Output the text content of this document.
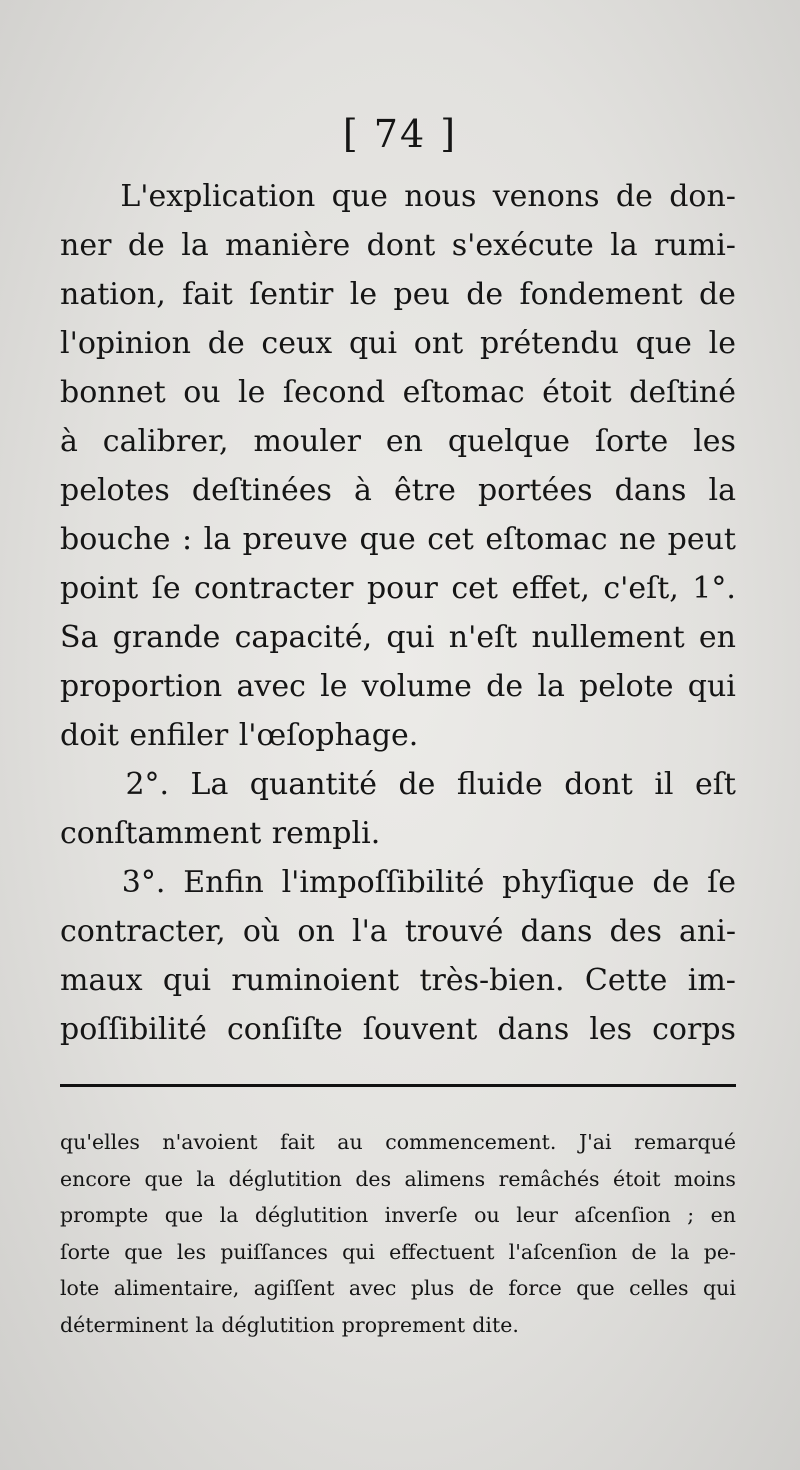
[ 74 ]
L'explication que nous venons de don-
ner de la manière dont s'exécute la rumi-
nation, fait ſentir le peu de fondement de
l'opinion de ceux qui ont prétendu que le
bonnet ou le ſecond eſtomac étoit deſtiné
à calibrer, mouler en quelque ſorte les
pelotes deſtinées à être portées dans la
bouche : la preuve que cet eſtomac ne peut
point ſe contracter pour cet effet, c'eſt, 1°.
Sa grande capacité, qui n'eſt nullement en
proportion avec le volume de la pelote qui
doit enfiler l'œſophage.
2°. La quantité de fluide dont il eſt
conſtamment rempli.
3°. Enfin l'impoſſibilité phyſique de ſe
contracter, où on l'a trouvé dans des ani-
maux qui ruminoient très-bien. Cette im-
poſſibilité conſiſte ſouvent dans les corps
qu'elles n'avoient fait au commencement. J'ai remarqué
encore que la déglutition des alimens remâchés étoit moins
prompte que la déglutition inverſe ou leur aſcenſion ; en
ſorte que les puiſſances qui effectuent l'aſcenſion de la pe-
lote alimentaire, agiſſent avec plus de force que celles qui
déterminent la déglutition proprement dite.
